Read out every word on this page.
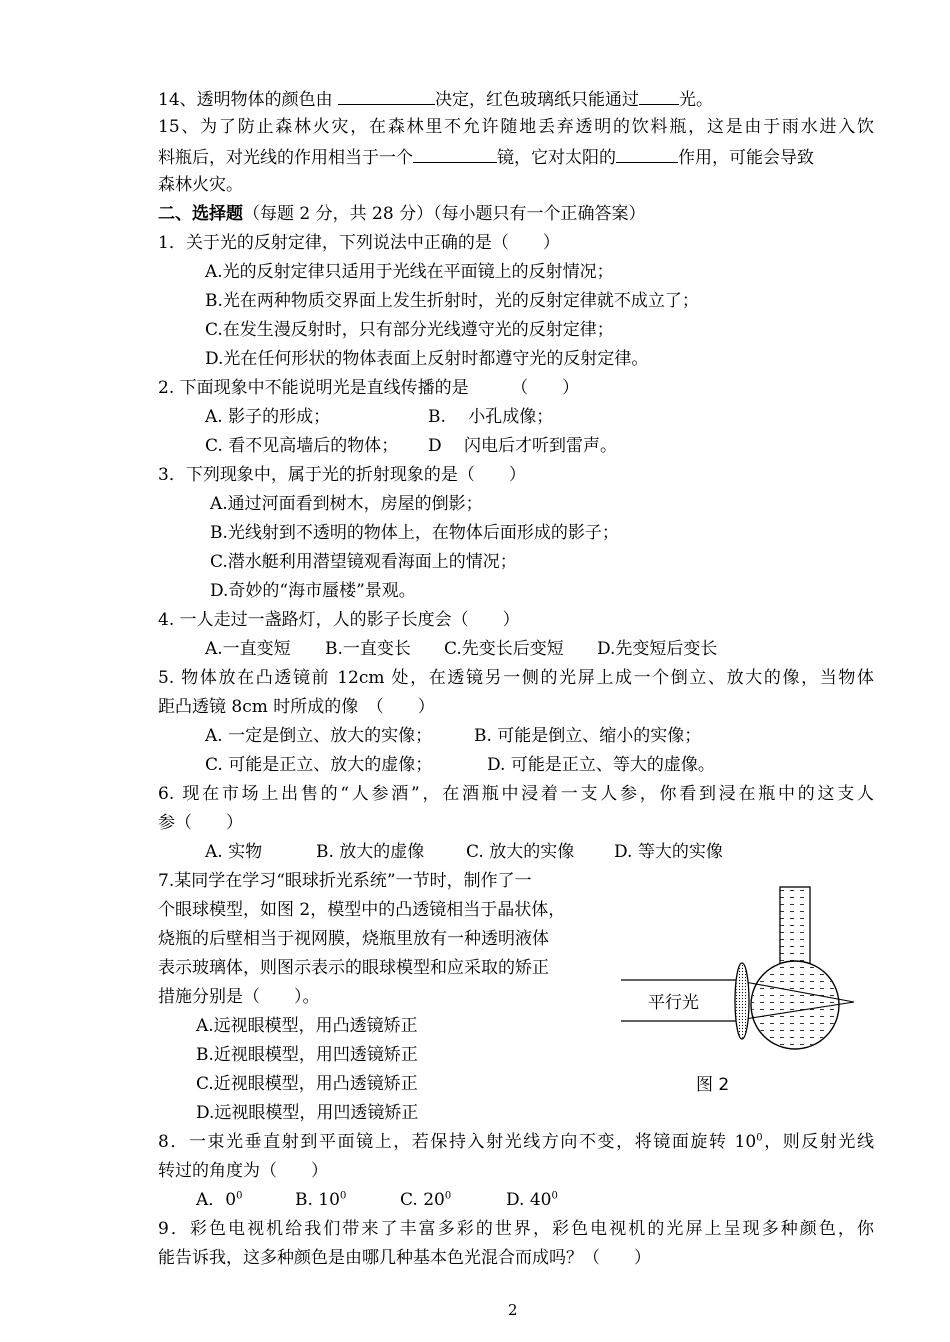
14、透明物体的颜色由	决定，红色玻璃纸只能通过 光。
15、为了防止森林火灾，在森林里不允许随地丢弃透明的饮料瓶，这是由于雨水进入饮
料瓶后，对光线的作用相当于一个	镜，它对太阳的	作用，可能会导致
森林火灾。
二、选择题（每题 2 分，共 28 分）（每小题只有一个正确答案）
1．关于光的反射定律，下列说法中正确的是（　　）
A.光的反射定律只适用于光线在平面镜上的反射情况；
B.光在两种物质交界面上发生折射时，光的反射定律就不成立了；
C.在发生漫反射时，只有部分光线遵守光的反射定律；
D.光在任何形状的物体表面上反射时都遵守光的反射定律。
2. 下面现象中不能说明光是直线传播的是　　　（　　）
A. 影子的形成；	B.　 小孔成像；
C. 看不见高墙后的物体； D　 闪电后才听到雷声。
3．下列现象中，属于光的折射现象的是（　　）
A.通过河面看到树木，房屋的倒影；
B.光线射到不透明的物体上，在物体后面形成的影子；
C.潜水艇利用潜望镜观看海面上的情况；
D.奇妙的“海市蜃楼”景观。
4. 一人走过一盏路灯，人的影子长度会（　　）
A.一直变短 B.一直变长 C.先变长后变短 D.先变短后变长
5. 物体放在凸透镜前 12cm 处，在透镜另一侧的光屏上成一个倒立、放大的像，当物体
距凸透镜 8cm 时所成的像　（　　）
A. 一定是倒立、放大的实像； B. 可能是倒立、缩小的实像；
C. 可能是正立、放大的虚像；	D. 可能是正立、等大的虚像。
6. 现在市场上出售的“人参酒”，在酒瓶中浸着一支人参，你看到浸在瓶中的这支人
参（　　）
A. 实物	B. 放大的虚像 C. 放大的实像 D. 等大的实像
7.某同学在学习“眼球折光系统”一节时，制作了一
个眼球模型，如图 2，模型中的凸透镜相当于晶状体，
烧瓶的后壁相当于视网膜，烧瓶里放有一种透明液体
表示玻璃体，则图示表示的眼球模型和应采取的矫正
措施分别是（　　）。
A.远视眼模型，用凸透镜矫正
B.近视眼模型，用凹透镜矫正
C.近视眼模型，用凸透镜矫正
D.远视眼模型，用凹透镜矫正
平行光
图 2
8．一束光垂直射到平面镜上，若保持入射光线方向不变，将镜面旋转 $10^0$，则反射光线
转过的角度为（　　）
A．$0^0$	B. $10^0$	C. $20^0$	D. $40^0$
9．彩色电视机给我们带来了丰富多彩的世界，彩色电视机的光屏上呈现多种颜色，你
能告诉我，这多种颜色是由哪几种基本色光混合而成吗？（　　）
2
